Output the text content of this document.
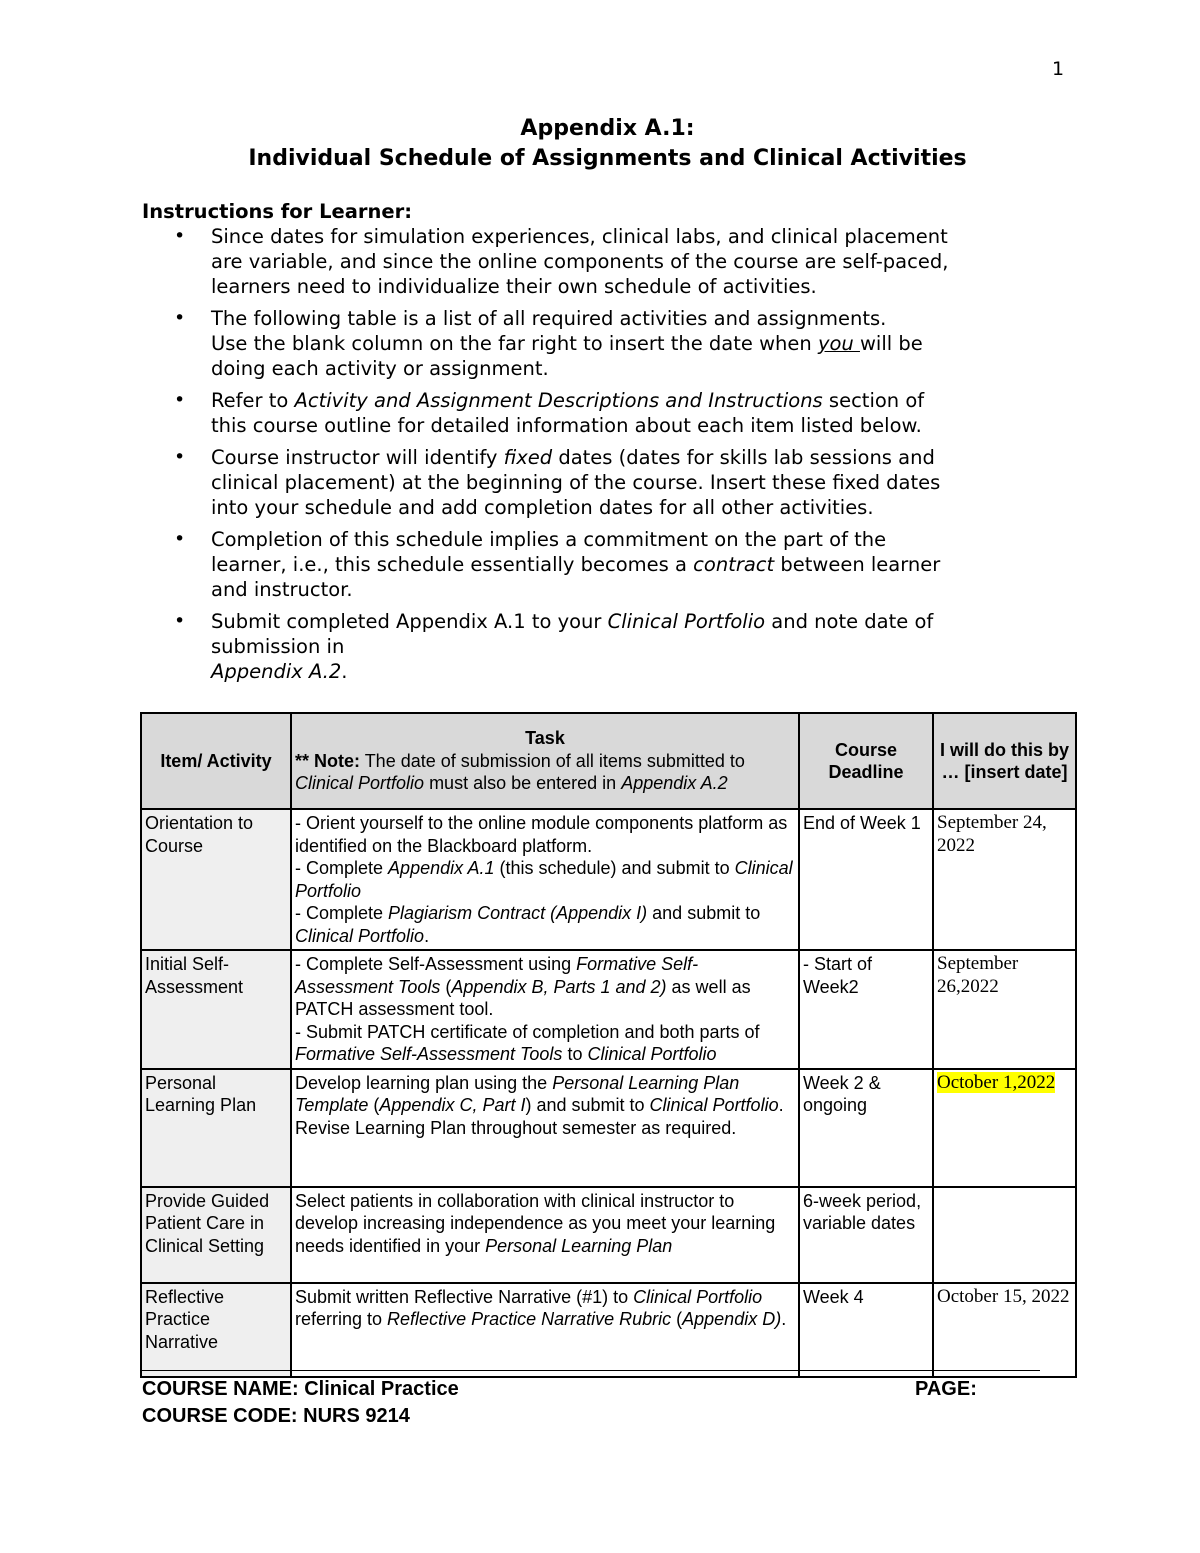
1
Appendix A.1:
Individual Schedule of Assignments and Clinical Activities
Instructions for Learner:
• Since dates for simulation experiences, clinical labs, and clinical placement
are variable, and since the online components of the course are self-paced,
learners need to individualize their own schedule of activities.
• The following table is a list of all required activities and assignments.
Use the blank column on the far right to insert the date when you will be
doing each activity or assignment.
• Refer to Activity and Assignment Descriptions and Instructions section of
this course outline for detailed information about each item listed below.
• Course instructor will identify fixed dates (dates for skills lab sessions and
clinical placement) at the beginning of the course. Insert these fixed dates
into your schedule and add completion dates for all other activities.
• Completion of this schedule implies a commitment on the part of the
learner, i.e., this schedule essentially becomes a contract between learner
and instructor.
• Submit completed Appendix A.1 to your Clinical Portfolio and note date of
submission in
Appendix A.2.
Item/ Activity	Task
** Note: The date of submission of all items submitted to Clinical Portfolio must also be entered in Appendix A.2	Course Deadline	I will do this by … [insert date]
Orientation to Course	- Orient yourself to the online module components platform as identified on the Blackboard platform.
- Complete Appendix A.1 (this schedule) and submit to Clinical Portfolio
- Complete Plagiarism Contract (Appendix I) and submit to Clinical Portfolio.	End of Week 1	September 24, 2022
Initial Self-Assessment	- Complete Self-Assessment using Formative Self-Assessment Tools (Appendix B, Parts 1 and 2) as well as PATCH assessment tool.
- Submit PATCH certificate of completion and both parts of Formative Self-Assessment Tools to Clinical Portfolio	- Start of Week2	September 26,2022
Personal Learning Plan	Develop learning plan using the Personal Learning Plan Template (Appendix C, Part I) and submit to Clinical Portfolio. Revise Learning Plan throughout semester as required.	Week 2 & ongoing	October 1,2022
Provide Guided Patient Care in Clinical Setting	Select patients in collaboration with clinical instructor to develop increasing independence as you meet your learning needs identified in your Personal Learning Plan	6-week period, variable dates	
Reflective Practice Narrative	Submit written Reflective Narrative (#1) to Clinical Portfolio referring to Reflective Practice Narrative Rubric (Appendix D).	Week 4	October 15, 2022
COURSE NAME: Clinical Practice
COURSE CODE: NURS 9214
PAGE:
